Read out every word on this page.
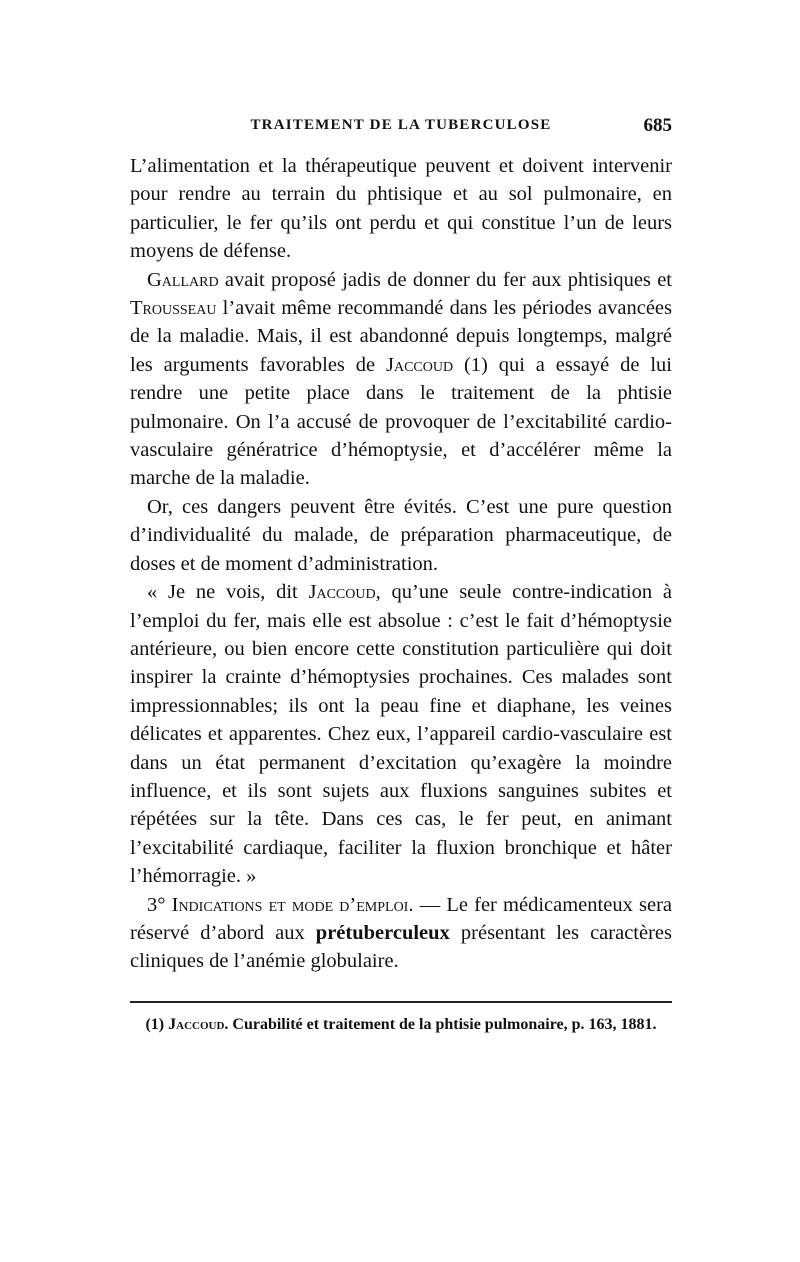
TRAITEMENT DE LA TUBERCULOSE	685

L’alimentation et la thérapeutique peuvent et doivent intervenir pour rendre au terrain du phtisique et au sol pulmonaire, en particulier, le fer qu’ils ont perdu et qui constitue l’un de leurs moyens de défense.

Gallard avait proposé jadis de donner du fer aux phtisiques et Trousseau l’avait même recommandé dans les périodes avancées de la maladie. Mais, il est abandonné depuis longtemps, malgré les arguments favorables de Jaccoud (1) qui a essayé de lui rendre une petite place dans le traitement de la phtisie pulmonaire. On l’a accusé de provoquer de l’excitabilité cardio-vasculaire génératrice d’hémoptysie, et d’accélérer même la marche de la maladie.

Or, ces dangers peuvent être évités. C’est une pure question d’individualité du malade, de préparation pharmaceutique, de doses et de moment d’administration.

« Je ne vois, dit Jaccoud, qu’une seule contre-indication à l’emploi du fer, mais elle est absolue : c’est le fait d’hémoptysie antérieure, ou bien encore cette constitution particulière qui doit inspirer la crainte d’hémoptysies prochaines. Ces malades sont impressionnables; ils ont la peau fine et diaphane, les veines délicates et apparentes. Chez eux, l’appareil cardio-vasculaire est dans un état permanent d’excitation qu’exagère la moindre influence, et ils sont sujets aux fluxions sanguines subites et répétées sur la tête. Dans ces cas, le fer peut, en animant l’excitabilité cardiaque, faciliter la fluxion bronchique et hâter l’hémorragie. »

3° Indications et mode d’emploi. — Le fer médicamenteux sera réservé d’abord aux prétuberculeux présentant les caractères cliniques de l’anémie globulaire.

(1) Jaccoud. Curabilité et traitement de la phtisie pulmonaire, p. 163, 1881.
